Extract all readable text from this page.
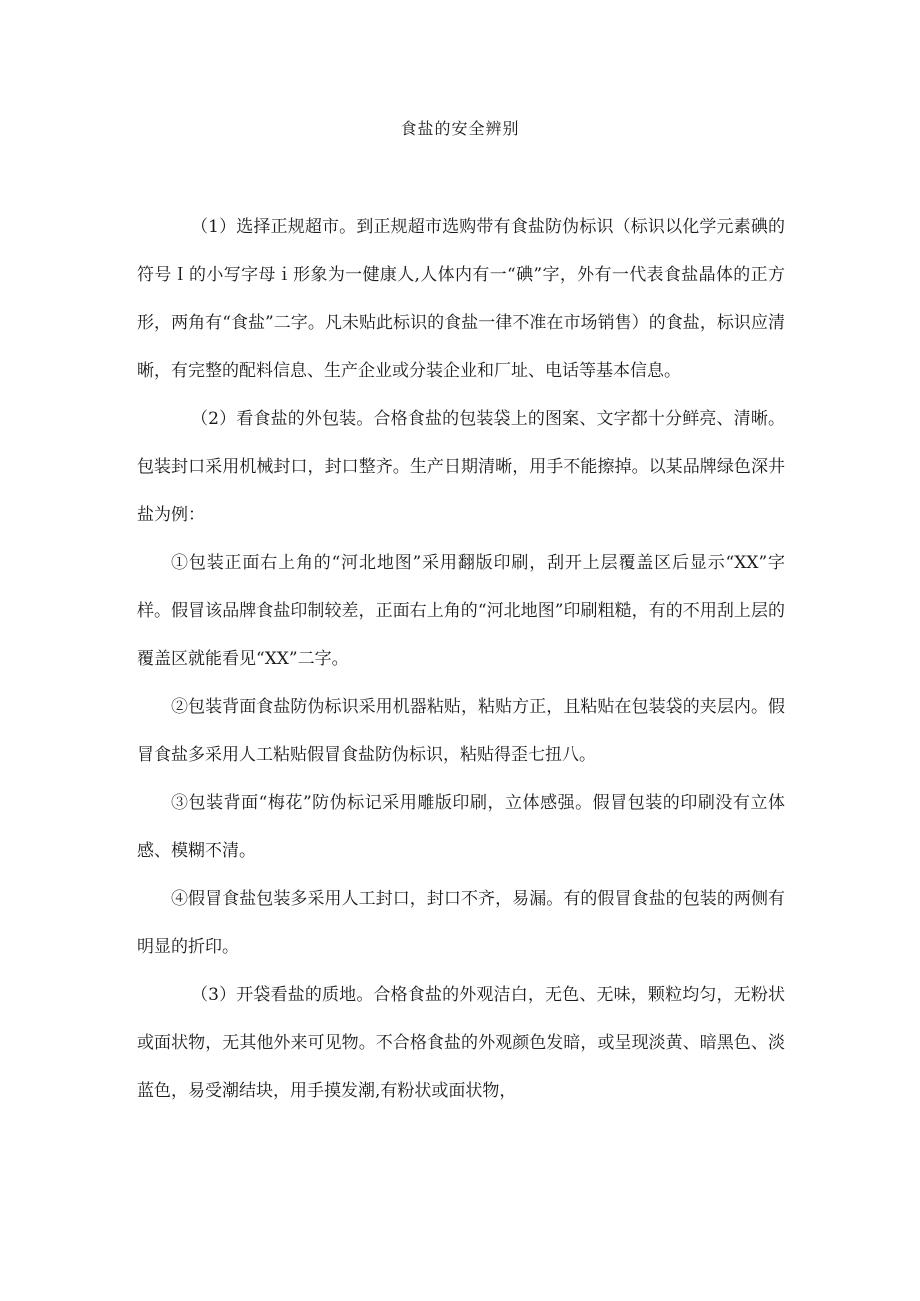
食盐的安全辨别

（1）选择正规超市。到正规超市选购带有食盐防伪标识（标识以化学元素碘的符号Ｉ的小写字母ｉ形象为一健康人,人体内有一“碘”字，外有一代表食盐晶体的正方形，两角有“食盐”二字。凡未贴此标识的食盐一律不准在市场销售）的食盐，标识应清晰，有完整的配料信息、生产企业或分装企业和厂址、电话等基本信息。

（2）看食盐的外包装。合格食盐的包装袋上的图案、文字都十分鲜亮、清晰。包装封口采用机械封口，封口整齐。生产日期清晰，用手不能擦掉。以某品牌绿色深井盐为例：

①包装正面右上角的“河北地图”采用翻版印刷，刮开上层覆盖区后显示“XX”字样。假冒该品牌食盐印制较差，正面右上角的“河北地图”印刷粗糙，有的不用刮上层的覆盖区就能看见“XX”二字。

②包装背面食盐防伪标识采用机器粘贴，粘贴方正，且粘贴在包装袋的夹层内。假冒食盐多采用人工粘贴假冒食盐防伪标识，粘贴得歪七扭八。

③包装背面“梅花”防伪标记采用雕版印刷，立体感强。假冒包装的印刷没有立体感、模糊不清。

④假冒食盐包装多采用人工封口，封口不齐，易漏。有的假冒食盐的包装的两侧有明显的折印。

（3）开袋看盐的质地。合格食盐的外观洁白，无色、无味，颗粒均匀，无粉状或面状物，无其他外来可见物。不合格食盐的外观颜色发暗，或呈现淡黄、暗黑色、淡蓝色，易受潮结块，用手摸发潮,有粉状或面状物，
